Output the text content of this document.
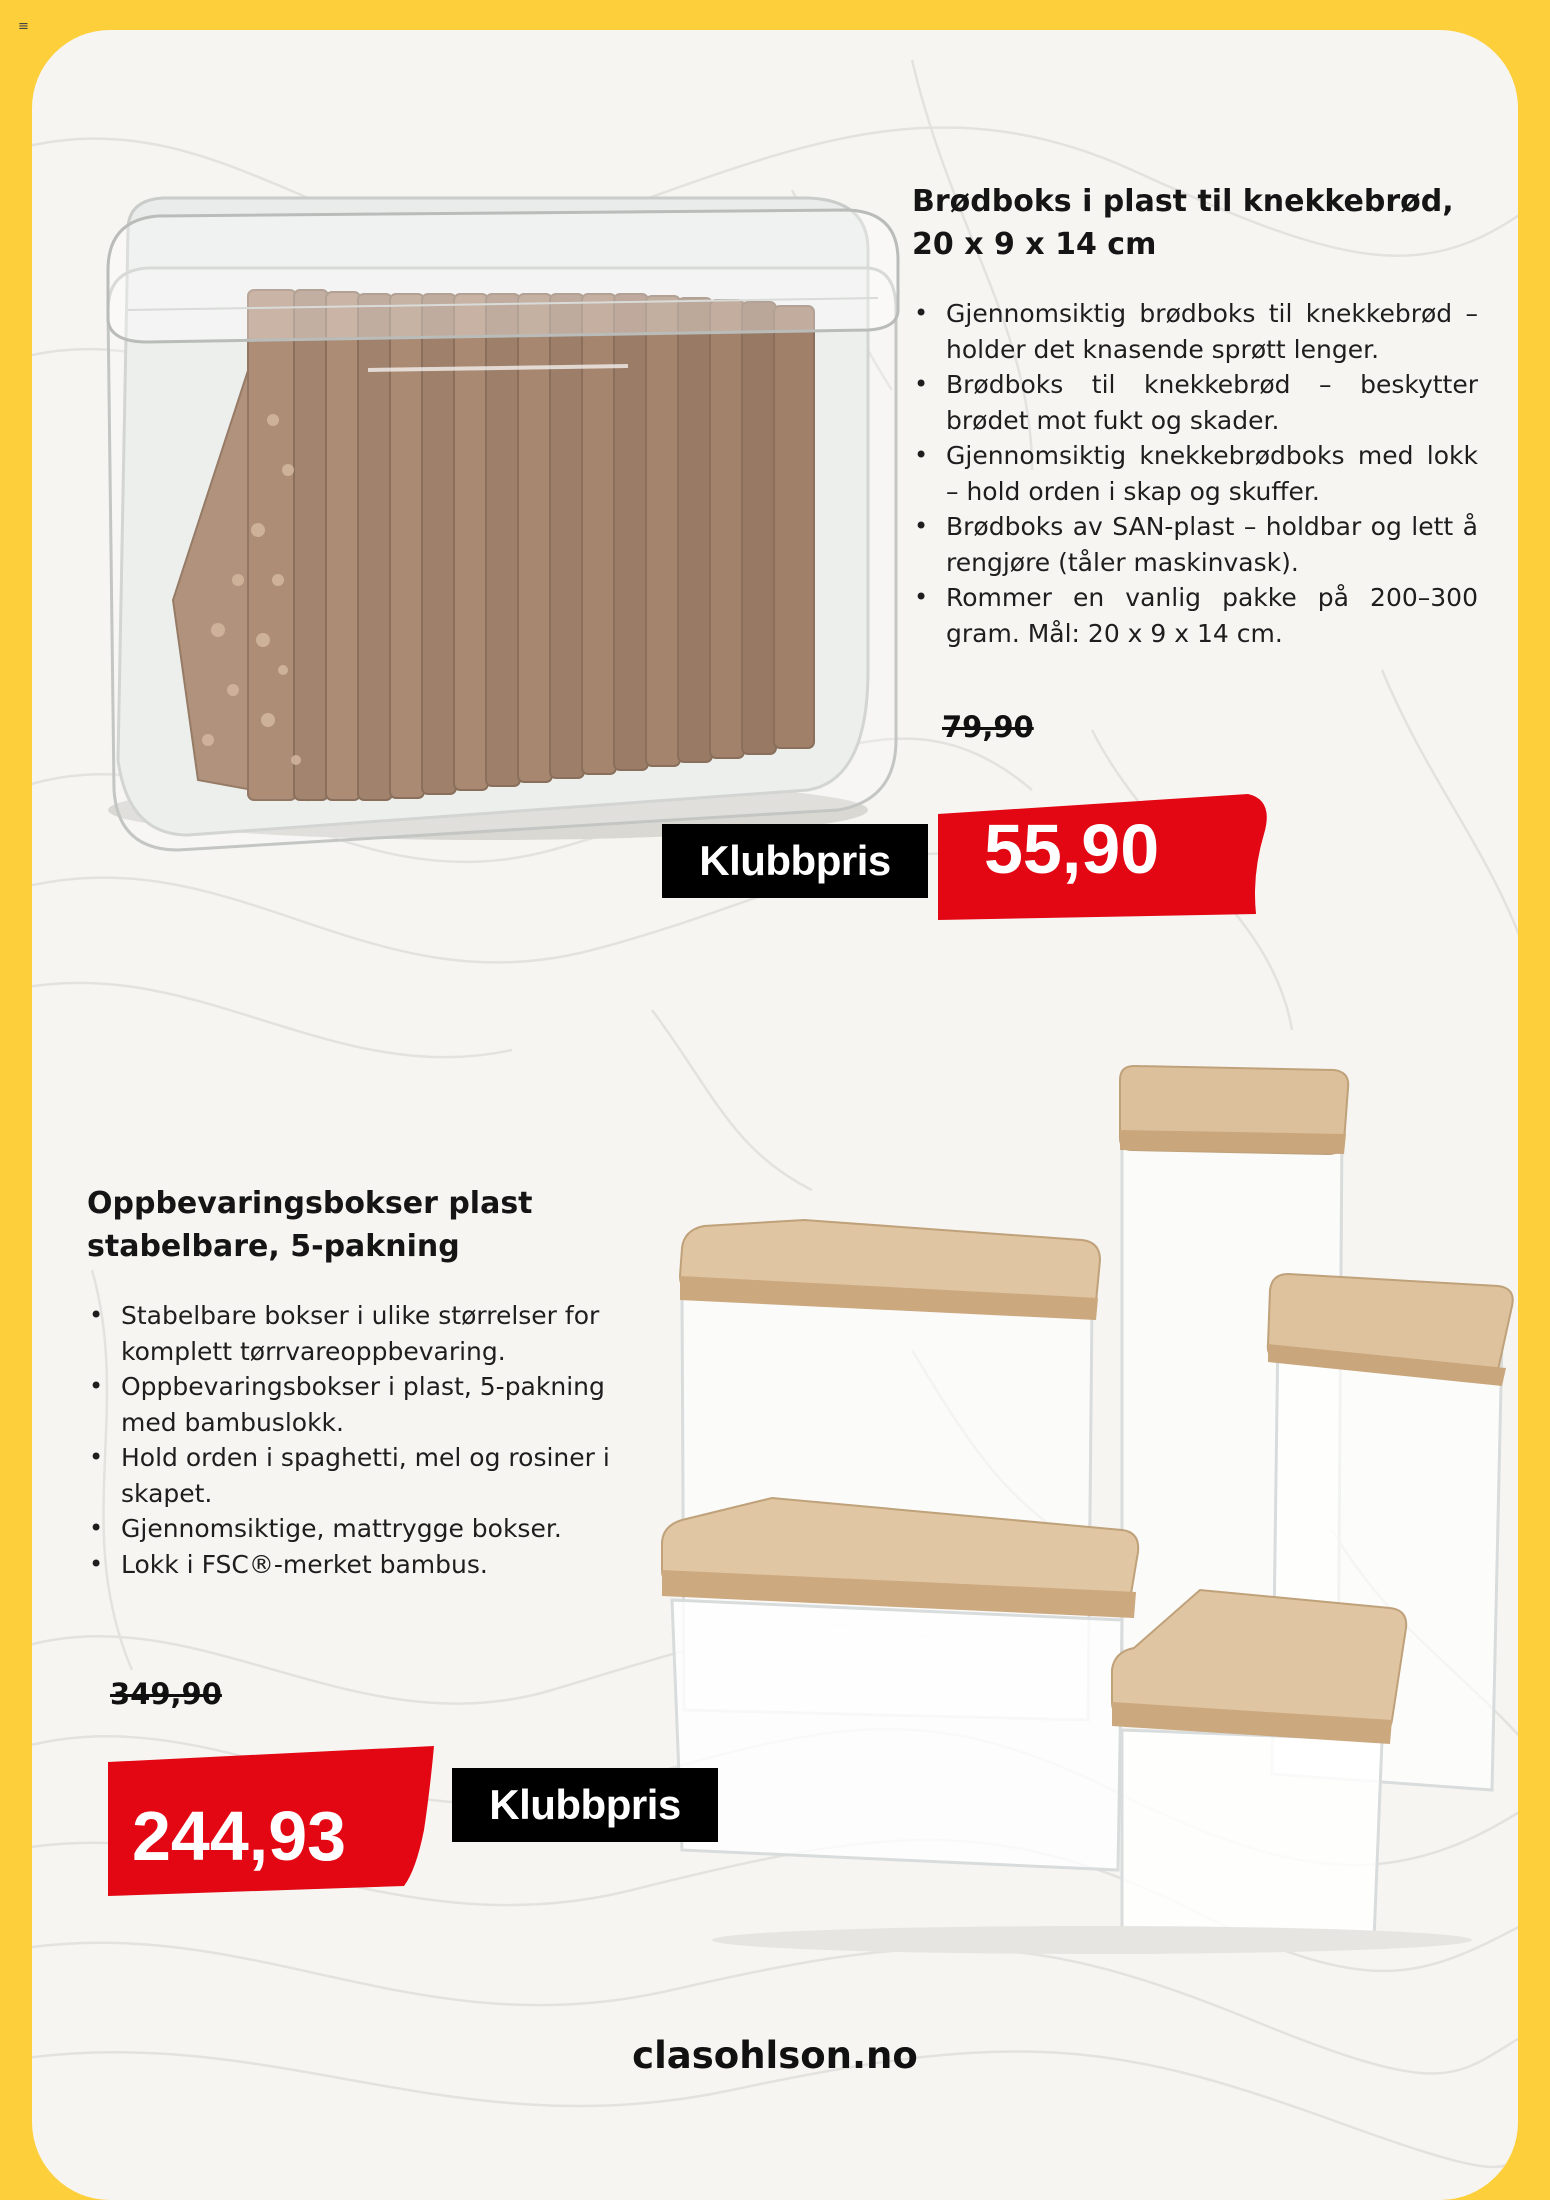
≡
Brødboks i plast til knekkebrød,
20 x 9 x 14 cm
• Gjennomsiktig brødboks til knekkebrød – holder det knasende sprøtt lenger.
• Brødboks til knekkebrød – beskytter brødet mot fukt og skader.
• Gjennomsiktig knekkebrødboks med lokk – hold orden i skap og skuffer.
• Brødboks av SAN-plast – holdbar og lett å rengjøre (tåler maskinvask).
• Rommer en vanlig pakke på 200–300 gram. Mål: 20 x 9 x 14 cm.

79,90

Klubbpris	55,90
Oppbevaringsbokser plast
stabelbare, 5-pakning
• Stabelbare bokser i ulike størrelser for komplett tørrvareoppbevaring.
• Oppbevaringsbokser i plast, 5-pakning med bambuslokk.
• Hold orden i spaghetti, mel og rosiner i skapet.
• Gjennomsiktige, mattrygge bokser.
• Lokk i FSC®-merket bambus.

349,90

244,93	Klubbpris

clasohlson.no
